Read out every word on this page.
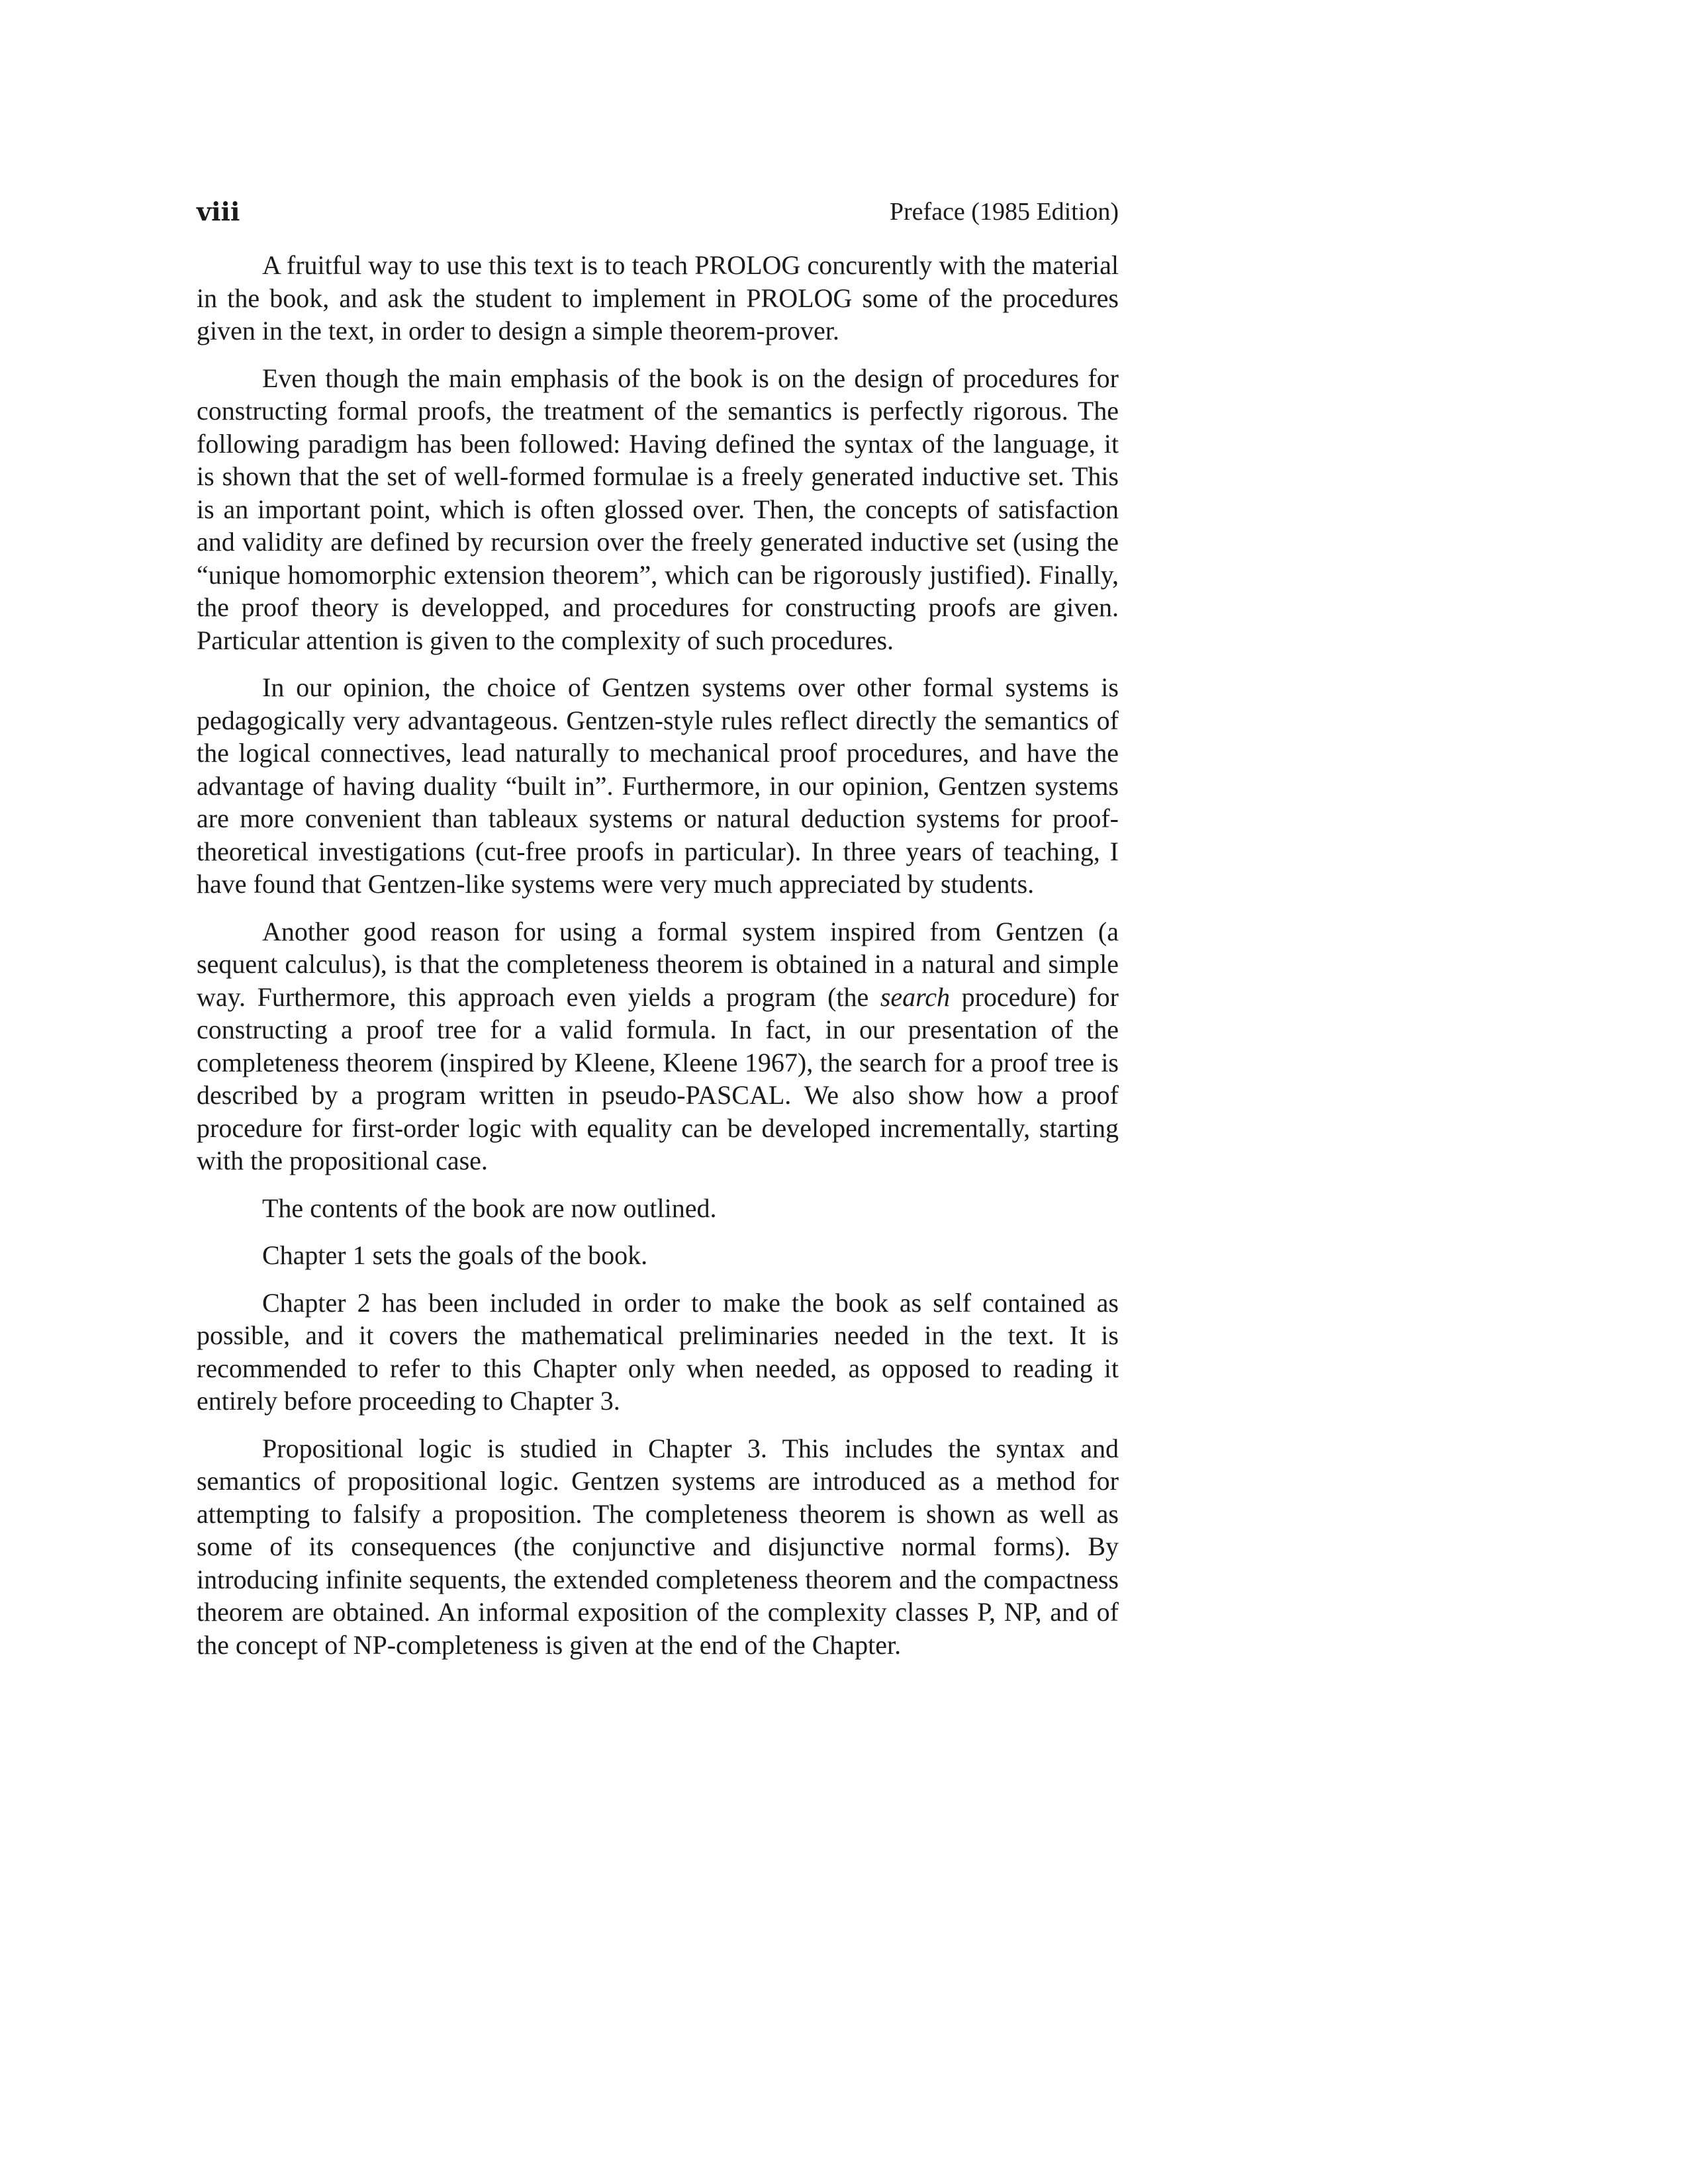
viii	Preface (1985 Edition)

A fruitful way to use this text is to teach PROLOG concurently with the material in the book, and ask the student to implement in PROLOG some of the procedures given in the text, in order to design a simple theorem-prover.

Even though the main emphasis of the book is on the design of procedures for constructing formal proofs, the treatment of the semantics is perfectly rigorous. The following paradigm has been followed: Having defined the syntax of the language, it is shown that the set of well-formed formulae is a freely generated inductive set. This is an important point, which is often glossed over. Then, the concepts of satisfaction and validity are defined by recursion over the freely generated inductive set (using the “unique homomorphic extension theorem”, which can be rigorously justified). Finally, the proof theory is developped, and procedures for constructing proofs are given. Particular attention is given to the complexity of such procedures.

In our opinion, the choice of Gentzen systems over other formal systems is pedagogically very advantageous. Gentzen-style rules reflect directly the semantics of the logical connectives, lead naturally to mechanical proof procedures, and have the advantage of having duality “built in”. Furthermore, in our opinion, Gentzen systems are more convenient than tableaux systems or natural deduction systems for proof-theoretical investigations (cut-free proofs in particular). In three years of teaching, I have found that Gentzen-like systems were very much appreciated by students.

Another good reason for using a formal system inspired from Gentzen (a sequent calculus), is that the completeness theorem is obtained in a natural and simple way. Furthermore, this approach even yields a program (the search procedure) for constructing a proof tree for a valid formula. In fact, in our presentation of the completeness theorem (inspired by Kleene, Kleene 1967), the search for a proof tree is described by a program written in pseudo-PASCAL. We also show how a proof procedure for first-order logic with equality can be developed incrementally, starting with the propositional case.

The contents of the book are now outlined.

Chapter 1 sets the goals of the book.

Chapter 2 has been included in order to make the book as self contained as possible, and it covers the mathematical preliminaries needed in the text. It is recommended to refer to this Chapter only when needed, as opposed to reading it entirely before proceeding to Chapter 3.

Propositional logic is studied in Chapter 3. This includes the syntax and semantics of propositional logic. Gentzen systems are introduced as a method for attempting to falsify a proposition. The completeness theorem is shown as well as some of its consequences (the conjunctive and disjunctive normal forms). By introducing infinite sequents, the extended completeness theorem and the compactness theorem are obtained. An informal exposition of the complexity classes P, NP, and of the concept of NP-completeness is given at the end of the Chapter.
